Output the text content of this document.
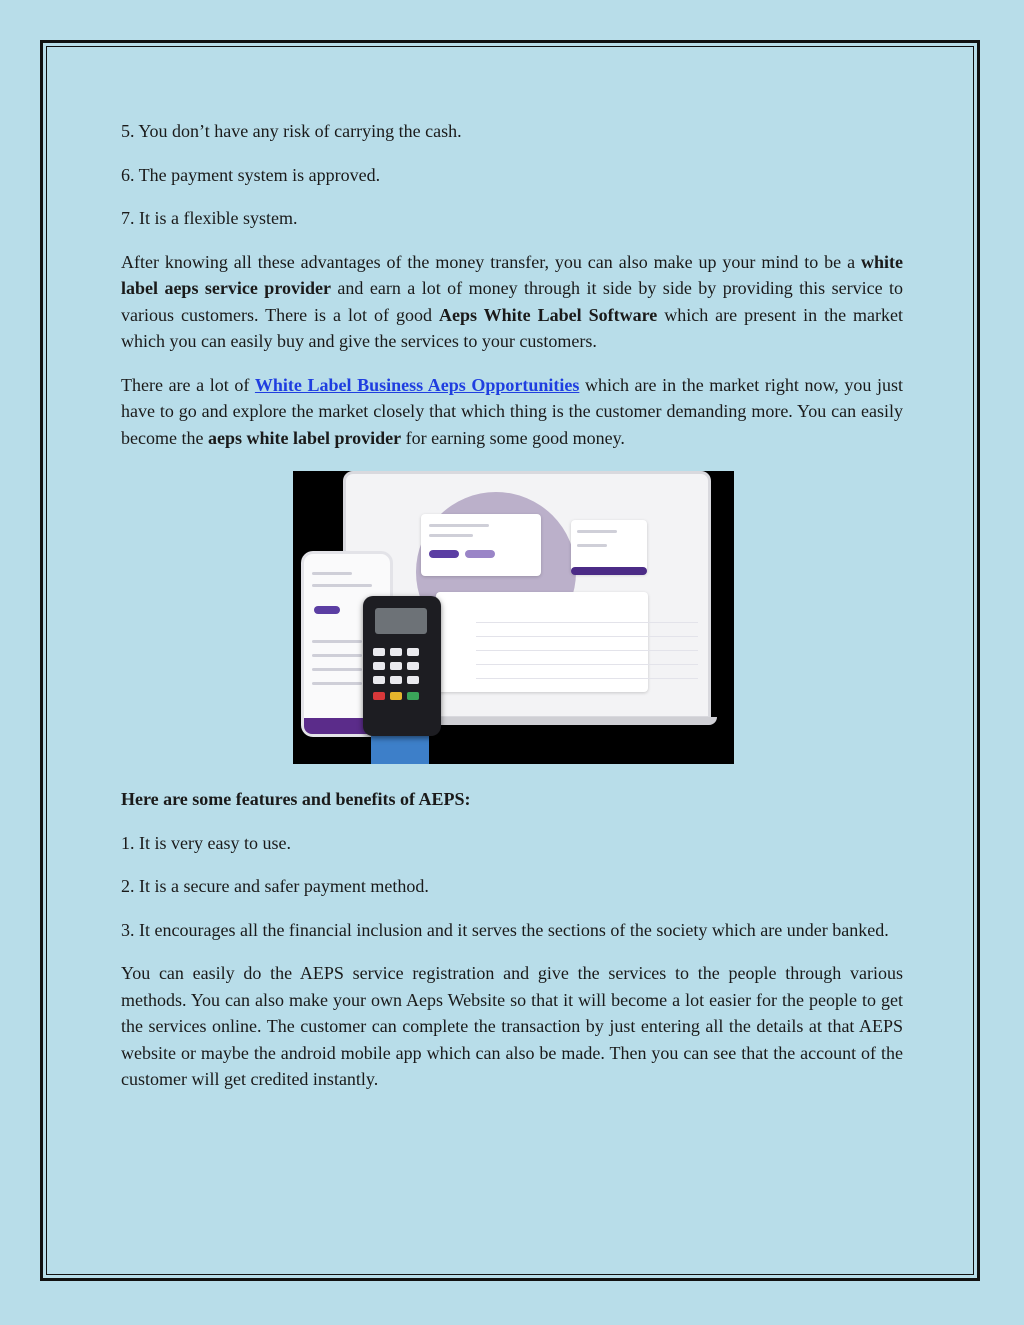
5. You don’t have any risk of carrying the cash.

6. The payment system is approved.

7. It is a flexible system.

After knowing all these advantages of the money transfer, you can also make up your mind to be a white label aeps service provider and earn a lot of money through it side by side by providing this service to various customers. There is a lot of good Aeps White Label Software which are present in the market which you can easily buy and give the services to your customers.

There are a lot of White Label Business Aeps Opportunities which are in the market right now, you just have to go and explore the market closely that which thing is the customer demanding more. You can easily become the aeps white label provider for earning some good money.

Here are some features and benefits of AEPS:

1. It is very easy to use.

2. It is a secure and safer payment method.

3. It encourages all the financial inclusion and it serves the sections of the society which are under banked.

You can easily do the AEPS service registration and give the services to the people through various methods. You can also make your own Aeps Website so that it will become a lot easier for the people to get the services online. The customer can complete the transaction by just entering all the details at that AEPS website or maybe the android mobile app which can also be made. Then you can see that the account of the customer will get credited instantly.
